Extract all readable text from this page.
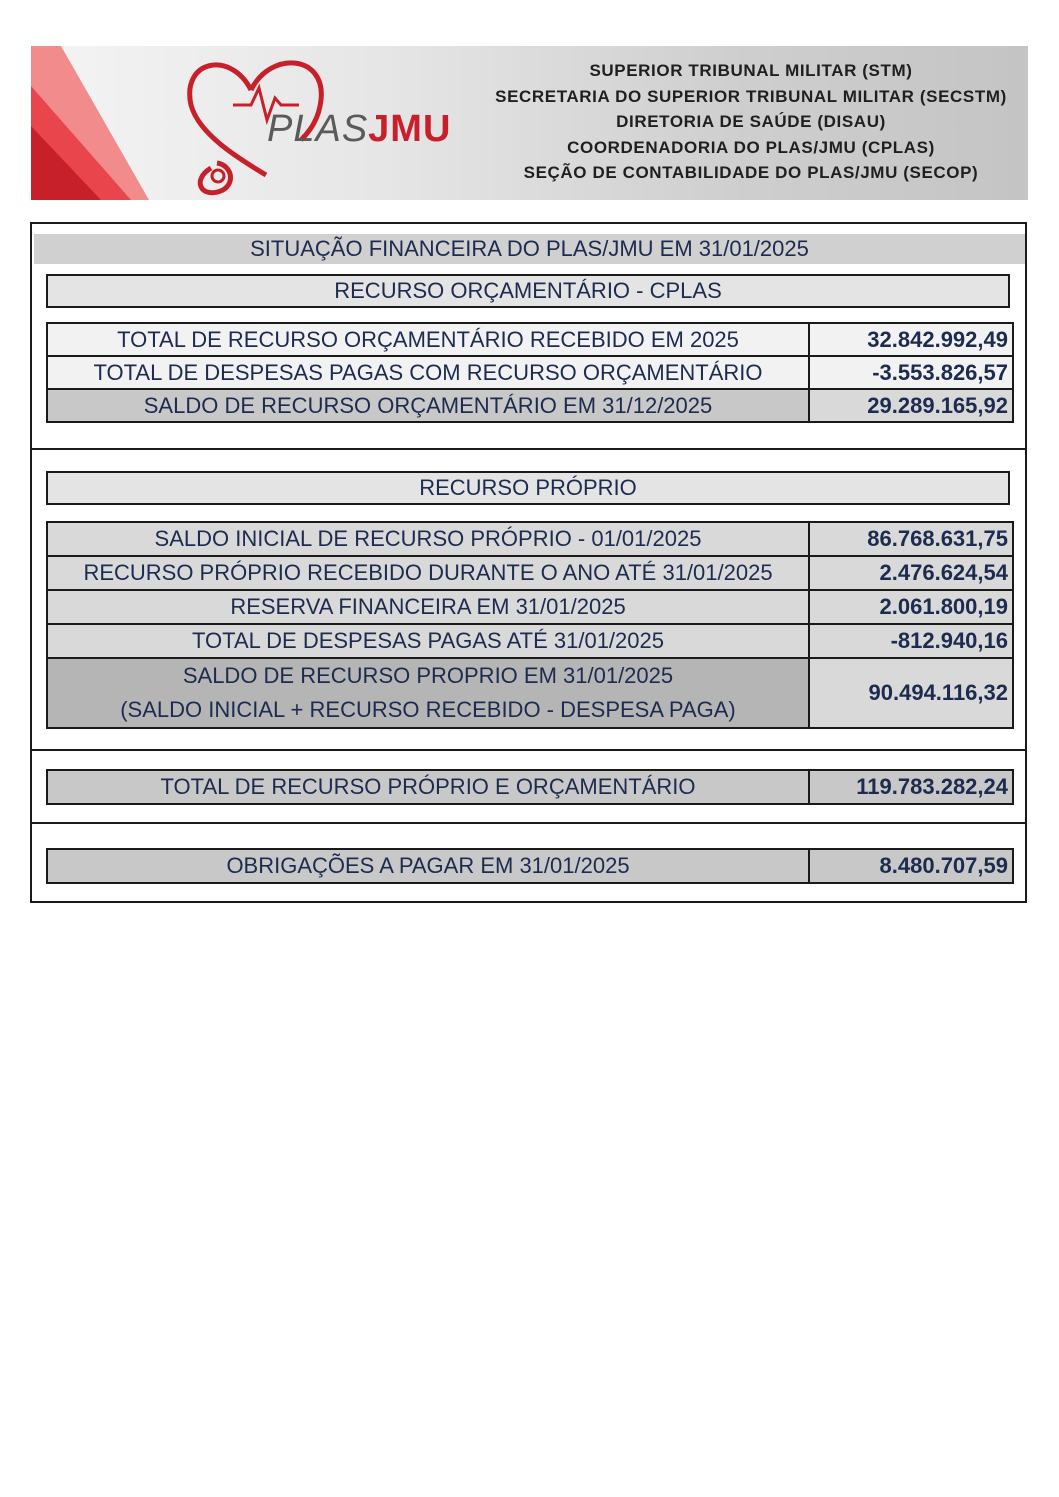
PLASJMU
SUPERIOR TRIBUNAL MILITAR (STM)
SECRETARIA DO SUPERIOR TRIBUNAL MILITAR (SECSTM)
DIRETORIA DE SAÚDE (DISAU)
COORDENADORIA DO PLAS/JMU (CPLAS)
SEÇÃO DE CONTABILIDADE DO PLAS/JMU (SECOP)
SITUAÇÃO FINANCEIRA DO PLAS/JMU EM 31/01/2025
RECURSO ORÇAMENTÁRIO - CPLAS
TOTAL DE RECURSO ORÇAMENTÁRIO RECEBIDO EM 2025	32.842.992,49
TOTAL DE DESPESAS PAGAS COM RECURSO ORÇAMENTÁRIO	-3.553.826,57
SALDO DE RECURSO ORÇAMENTÁRIO EM 31/12/2025	29.289.165,92
RECURSO PRÓPRIO
SALDO INICIAL DE RECURSO PRÓPRIO - 01/01/2025	86.768.631,75
RECURSO PRÓPRIO RECEBIDO DURANTE O ANO ATÉ 31/01/2025	2.476.624,54
RESERVA FINANCEIRA EM 31/01/2025	2.061.800,19
TOTAL DE DESPESAS PAGAS ATÉ 31/01/2025	-812.940,16

SALDO DE RECURSO PROPRIO EM 31/01/2025
(SALDO INICIAL + RECURSO RECEBIDO - DESPESA PAGA)	90.494.116,32
TOTAL DE RECURSO PRÓPRIO E ORÇAMENTÁRIO	119.783.282,24
OBRIGAÇÕES A PAGAR EM 31/01/2025	8.480.707,59
